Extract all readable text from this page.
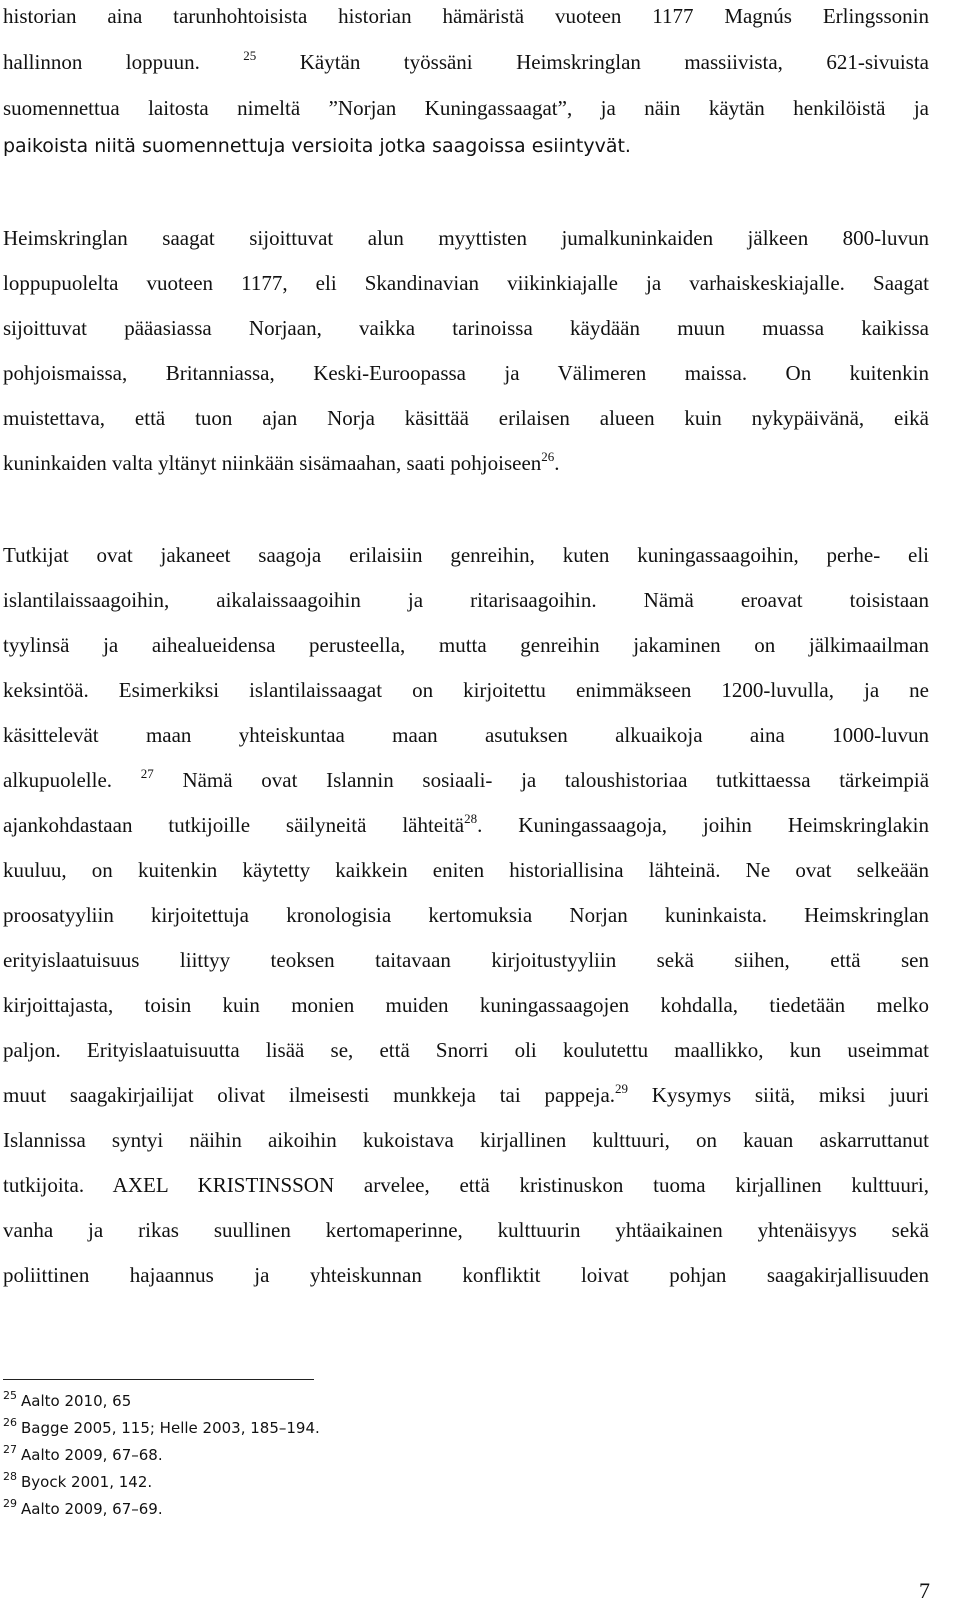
historian aina tarunhohtoisista historian hämäristä vuoteen 1177 Magnús Erlingssonin
hallinnon loppuun.	$^{25}$ Käytän työssäni Heimskringlan massiivista, 621-sivuista
suomennettua laitosta nimeltä ”Norjan Kuningassaagat”, ja näin käytän henkilöistä ja
paikoista niitä suomennettuja versioita jotka saagoissa esiintyvät.
Heimskringlan saagat sijoittuvat alun myyttisten jumalkuninkaiden jälkeen 800-luvun
loppupuolelta vuoteen 1177, eli Skandinavian viikinkiajalle ja varhaiskeskiajalle. Saagat
sijoittuvat pääasiassa Norjaan, vaikka tarinoissa käydään muun muassa kaikissa
pohjoismaissa, Britanniassa, Keski-Euroopassa ja Välimeren maissa. On kuitenkin
muistettava, että tuon ajan Norja käsittää erilaisen alueen kuin nykypäivänä, eikä
kuninkaiden valta yltänyt niinkään sisämaahan, saati pohjoiseen$^{26}$.
Tutkijat ovat jakaneet saagoja erilaisiin genreihin, kuten kuningassaagoihin, perhe- eli
islantilaissaagoihin, aikalaissaagoihin ja ritarisaagoihin. Nämä eroavat toisistaan
tyylinsä ja aihealueidensa perusteella, mutta genreihin jakaminen on jälkimaailman
keksintöä. Esimerkiksi islantilaissaagat on kirjoitettu enimmäkseen 1200-luvulla, ja ne
käsittelevät maan yhteiskuntaa maan asutuksen alkuaikoja aina 1000-luvun
alkupuolelle. $^{27}$ Nämä ovat Islannin sosiaali- ja taloushistoriaa tutkittaessa tärkeimpiä
ajankohdastaan tutkijoille säilyneitä lähteitä$^{28}$. Kuningassaagoja, joihin Heimskringlakin
kuuluu, on kuitenkin käytetty kaikkein eniten historiallisina lähteinä. Ne ovat selkeään
proosatyyliin kirjoitettuja kronologisia kertomuksia Norjan kuninkaista. Heimskringlan
erityislaatuisuus liittyy teoksen taitavaan kirjoitustyyliin sekä siihen, että sen
kirjoittajasta, toisin kuin monien muiden kuningassaagojen kohdalla, tiedetään melko
paljon. Erityislaatuisuutta lisää se, että Snorri oli koulutettu maallikko, kun useimmat
muut saagakirjailijat olivat ilmeisesti munkkeja tai pappeja.$^{29}$ Kysymys siitä, miksi juuri
Islannissa syntyi näihin aikoihin kukoistava kirjallinen kulttuuri, on kauan askarruttanut
tutkijoita. AXEL KRISTINSSON arvelee, että kristinuskon tuoma kirjallinen kulttuuri,
vanha ja rikas suullinen kertomaperinne, kulttuurin yhtäaikainen yhtenäisyys sekä
poliittinen hajaannus ja yhteiskunnan konfliktit loivat pohjan saagakirjallisuuden
$^{25}$ Aalto 2010, 65
$^{26}$ Bagge 2005, 115; Helle 2003, 185–194.
$^{27}$ Aalto 2009, 67–68.
$^{28}$ Byock 2001, 142.
$^{29}$ Aalto 2009, 67–69.
7
